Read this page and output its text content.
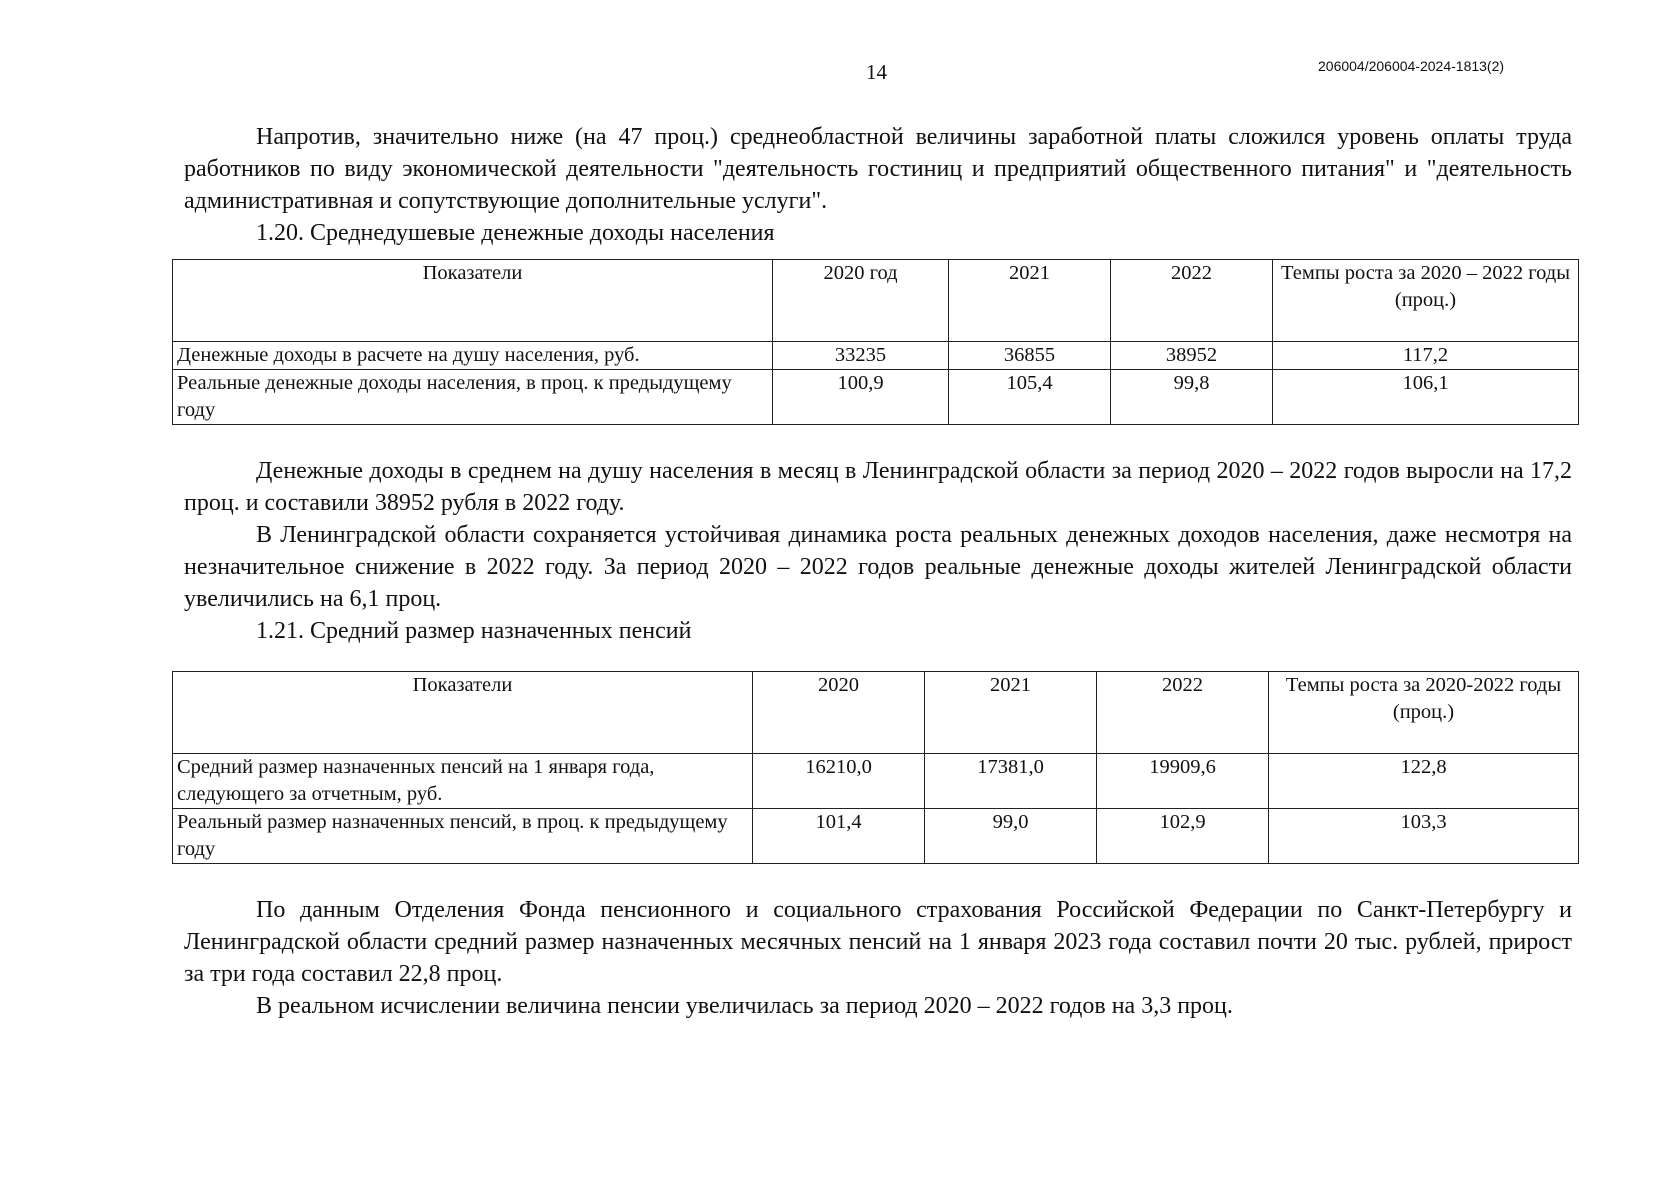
14	206004/206004-2024-1813(2)

Напротив, значительно ниже (на 47 проц.) среднеобластной величины заработной платы сложился уровень оплаты труда работников по виду экономической деятельности "деятельность гостиниц и предприятий общественного питания" и "деятельность административная и сопутствующие дополнительные услуги".

1.20. Среднедушевые денежные доходы населения
Показатели	2020 год	2021	2022	Темпы роста за 2020 – 2022 годы (проц.)
Денежные доходы в расчете на душу населения, руб.	33235	36855	38952	117,2
Реальные денежные доходы населения, в проц. к предыдущему году	100,9	105,4	99,8	106,1

Денежные доходы в среднем на душу населения в месяц в Ленинградской области за период 2020 – 2022 годов выросли на 17,2 проц. и составили 38952 рубля в 2022 году.

В Ленинградской области сохраняется устойчивая динамика роста реальных денежных доходов населения, даже несмотря на незначительное снижение в 2022 году. За период 2020 – 2022 годов реальные денежные доходы жителей Ленинградской области увеличились на 6,1 проц.

1.21. Средний размер назначенных пенсий
Показатели	2020	2021	2022	Темпы роста за 2020-2022 годы (проц.)
Средний размер назначенных пенсий на 1 января года, следующего за отчетным, руб.	16210,0	17381,0	19909,6	122,8
Реальный размер назначенных пенсий, в проц. к предыдущему году	101,4	99,0	102,9	103,3

По данным Отделения Фонда пенсионного и социального страхования Российской Федерации по Санкт-Петербургу и Ленинградской области средний размер назначенных месячных пенсий на 1 января 2023 года составил почти 20 тыс. рублей, прирост за три года составил 22,8 проц.

В реальном исчислении величина пенсии увеличилась за период 2020 – 2022 годов на 3,3 проц.
